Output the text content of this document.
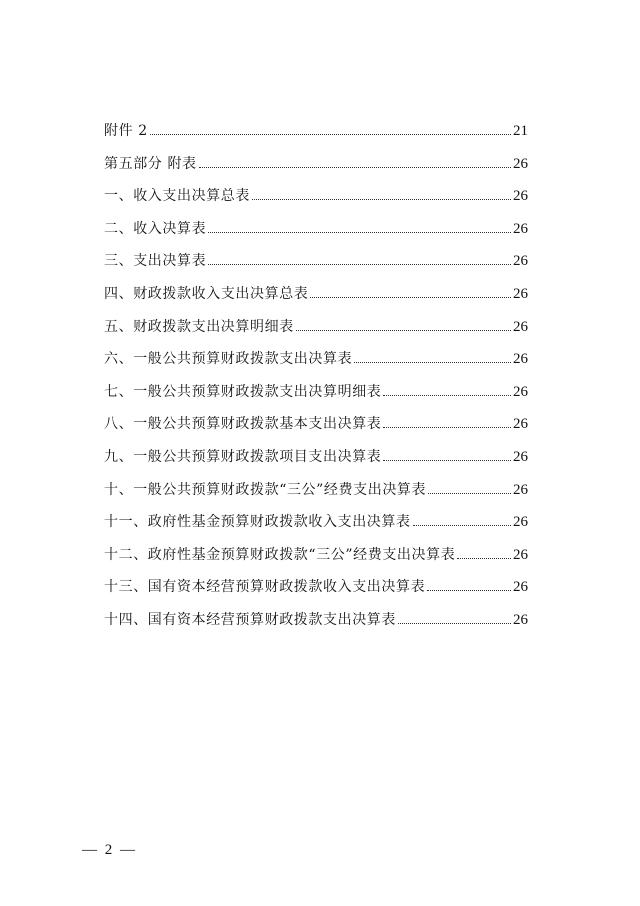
附件 2	21
第五部分 附表	26
一、收入支出决算总表	26
二、收入决算表	26
三、支出决算表	26
四、财政拨款收入支出决算总表	26
五、财政拨款支出决算明细表	26
六、一般公共预算财政拨款支出决算表	26
七、一般公共预算财政拨款支出决算明细表	26
八、一般公共预算财政拨款基本支出决算表	26
九、一般公共预算财政拨款项目支出决算表	26
十、一般公共预算财政拨款“三公”经费支出决算表	26
十一、政府性基金预算财政拨款收入支出决算表	26
十二、政府性基金预算财政拨款“三公”经费支出决算表	26
十三、国有资本经营预算财政拨款收入支出决算表	26
十四、国有资本经营预算财政拨款支出决算表	26
— 2 —
